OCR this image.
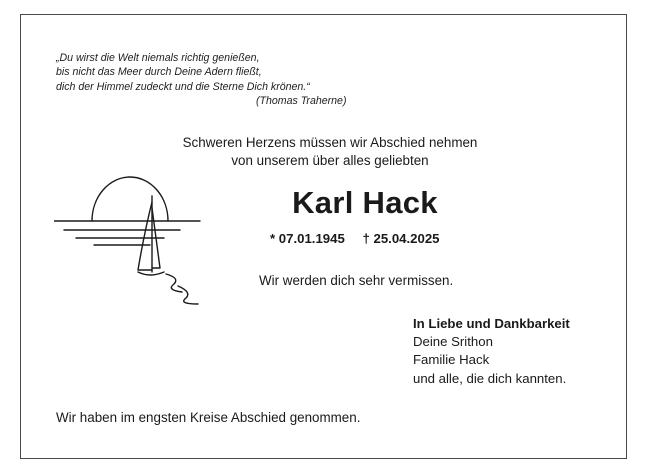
„Du wirst die Welt niemals richtig genießen,
bis nicht das Meer durch Deine Adern fließt,
dich der Himmel zudeckt und die Sterne Dich krönen.“
(Thomas Traherne)
Schweren Herzens müssen wir Abschied nehmen
von unserem über alles geliebten
Karl Hack
* 07.01.1945 † 25.04.2025
Wir werden dich sehr vermissen.
In Liebe und Dankbarkeit
Deine Srithon
Familie Hack
und alle, die dich kannten.
Wir haben im engsten Kreise Abschied genommen.
